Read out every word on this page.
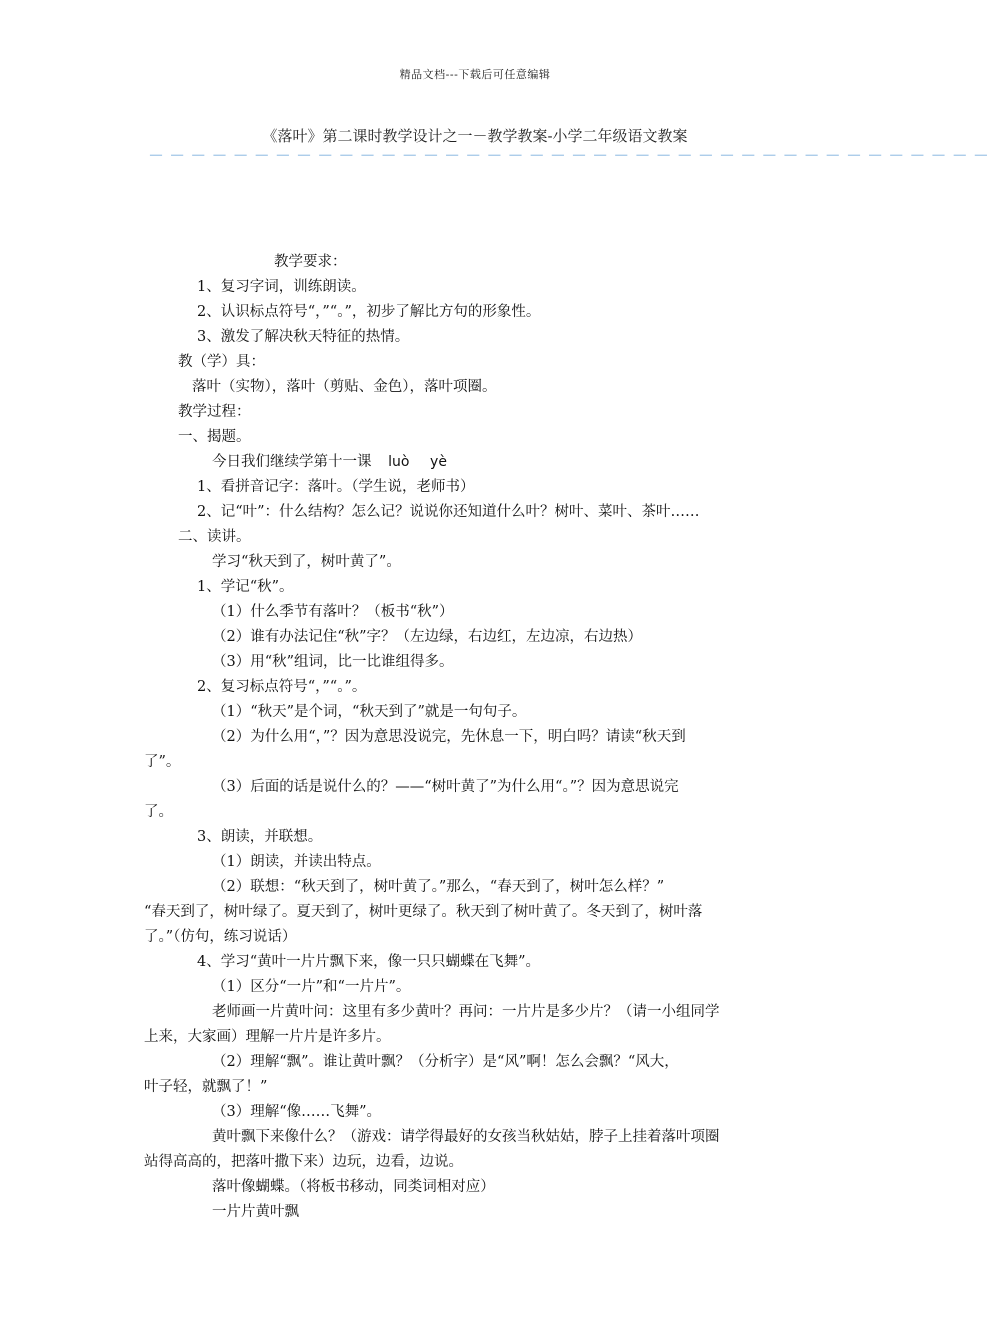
精品文档---下载后可任意编辑
《落叶》第二课时教学设计之一－教学教案-小学二年级语文教案
－－－－－－－－－－－－－－－－－－－－－－－－－－－－－－－－－－－－－－－－
教学要求：
1、复习字词，训练朗读。
2、认识标点符号“，”“。”，初步了解比方句的形象性。
3、激发了解决秋天特征的热情。
教（学）具：
落叶（实物），落叶（剪贴、金色），落叶项圈。
教学过程：
一、揭题。
今日我们继续学第十一课 luò yè
1、看拼音记字：落叶。（学生说，老师书）
2、记“叶”：什么结构？怎么记？说说你还知道什么叶？树叶、菜叶、茶叶……
二、读讲。
学习“秋天到了，树叶黄了”。
1、学记“秋”。
（1）什么季节有落叶？（板书“秋”）
（2）谁有办法记住“秋”字？（左边绿，右边红，左边凉，右边热）
（3）用“秋”组词，比一比谁组得多。
2、复习标点符号“，”“。”。
（1）“秋天”是个词，“秋天到了”就是一句句子。
（2）为什么用“，”？因为意思没说完，先休息一下，明白吗？请读“秋天到
了”。
（3）后面的话是说什么的？——“树叶黄了”为什么用“。”？因为意思说完
了。
3、朗读，并联想。
（1）朗读，并读出特点。
（2）联想：“秋天到了，树叶黄了。”那么，“春天到了，树叶怎么样？”
“春天到了，树叶绿了。夏天到了，树叶更绿了。秋天到了树叶黄了。冬天到了，树叶落
了。”（仿句，练习说话）
4、学习“黄叶一片片飘下来，像一只只蝴蝶在飞舞”。
（1）区分“一片”和“一片片”。
老师画一片黄叶问：这里有多少黄叶？再问：一片片是多少片？（请一小组同学
上来，大家画）理解一片片是许多片。
（2）理解“飘”。谁让黄叶飘？（分析字）是“风”啊！怎么会飘？“风大，
叶子轻，就飘了！”
（3）理解“像……飞舞”。
黄叶飘下来像什么？（游戏：请学得最好的女孩当秋姑姑，脖子上挂着落叶项圈
站得高高的，把落叶撒下来）边玩，边看，边说。
落叶像蝴蝶。（将板书移动，同类词相对应）
一片片黄叶飘
